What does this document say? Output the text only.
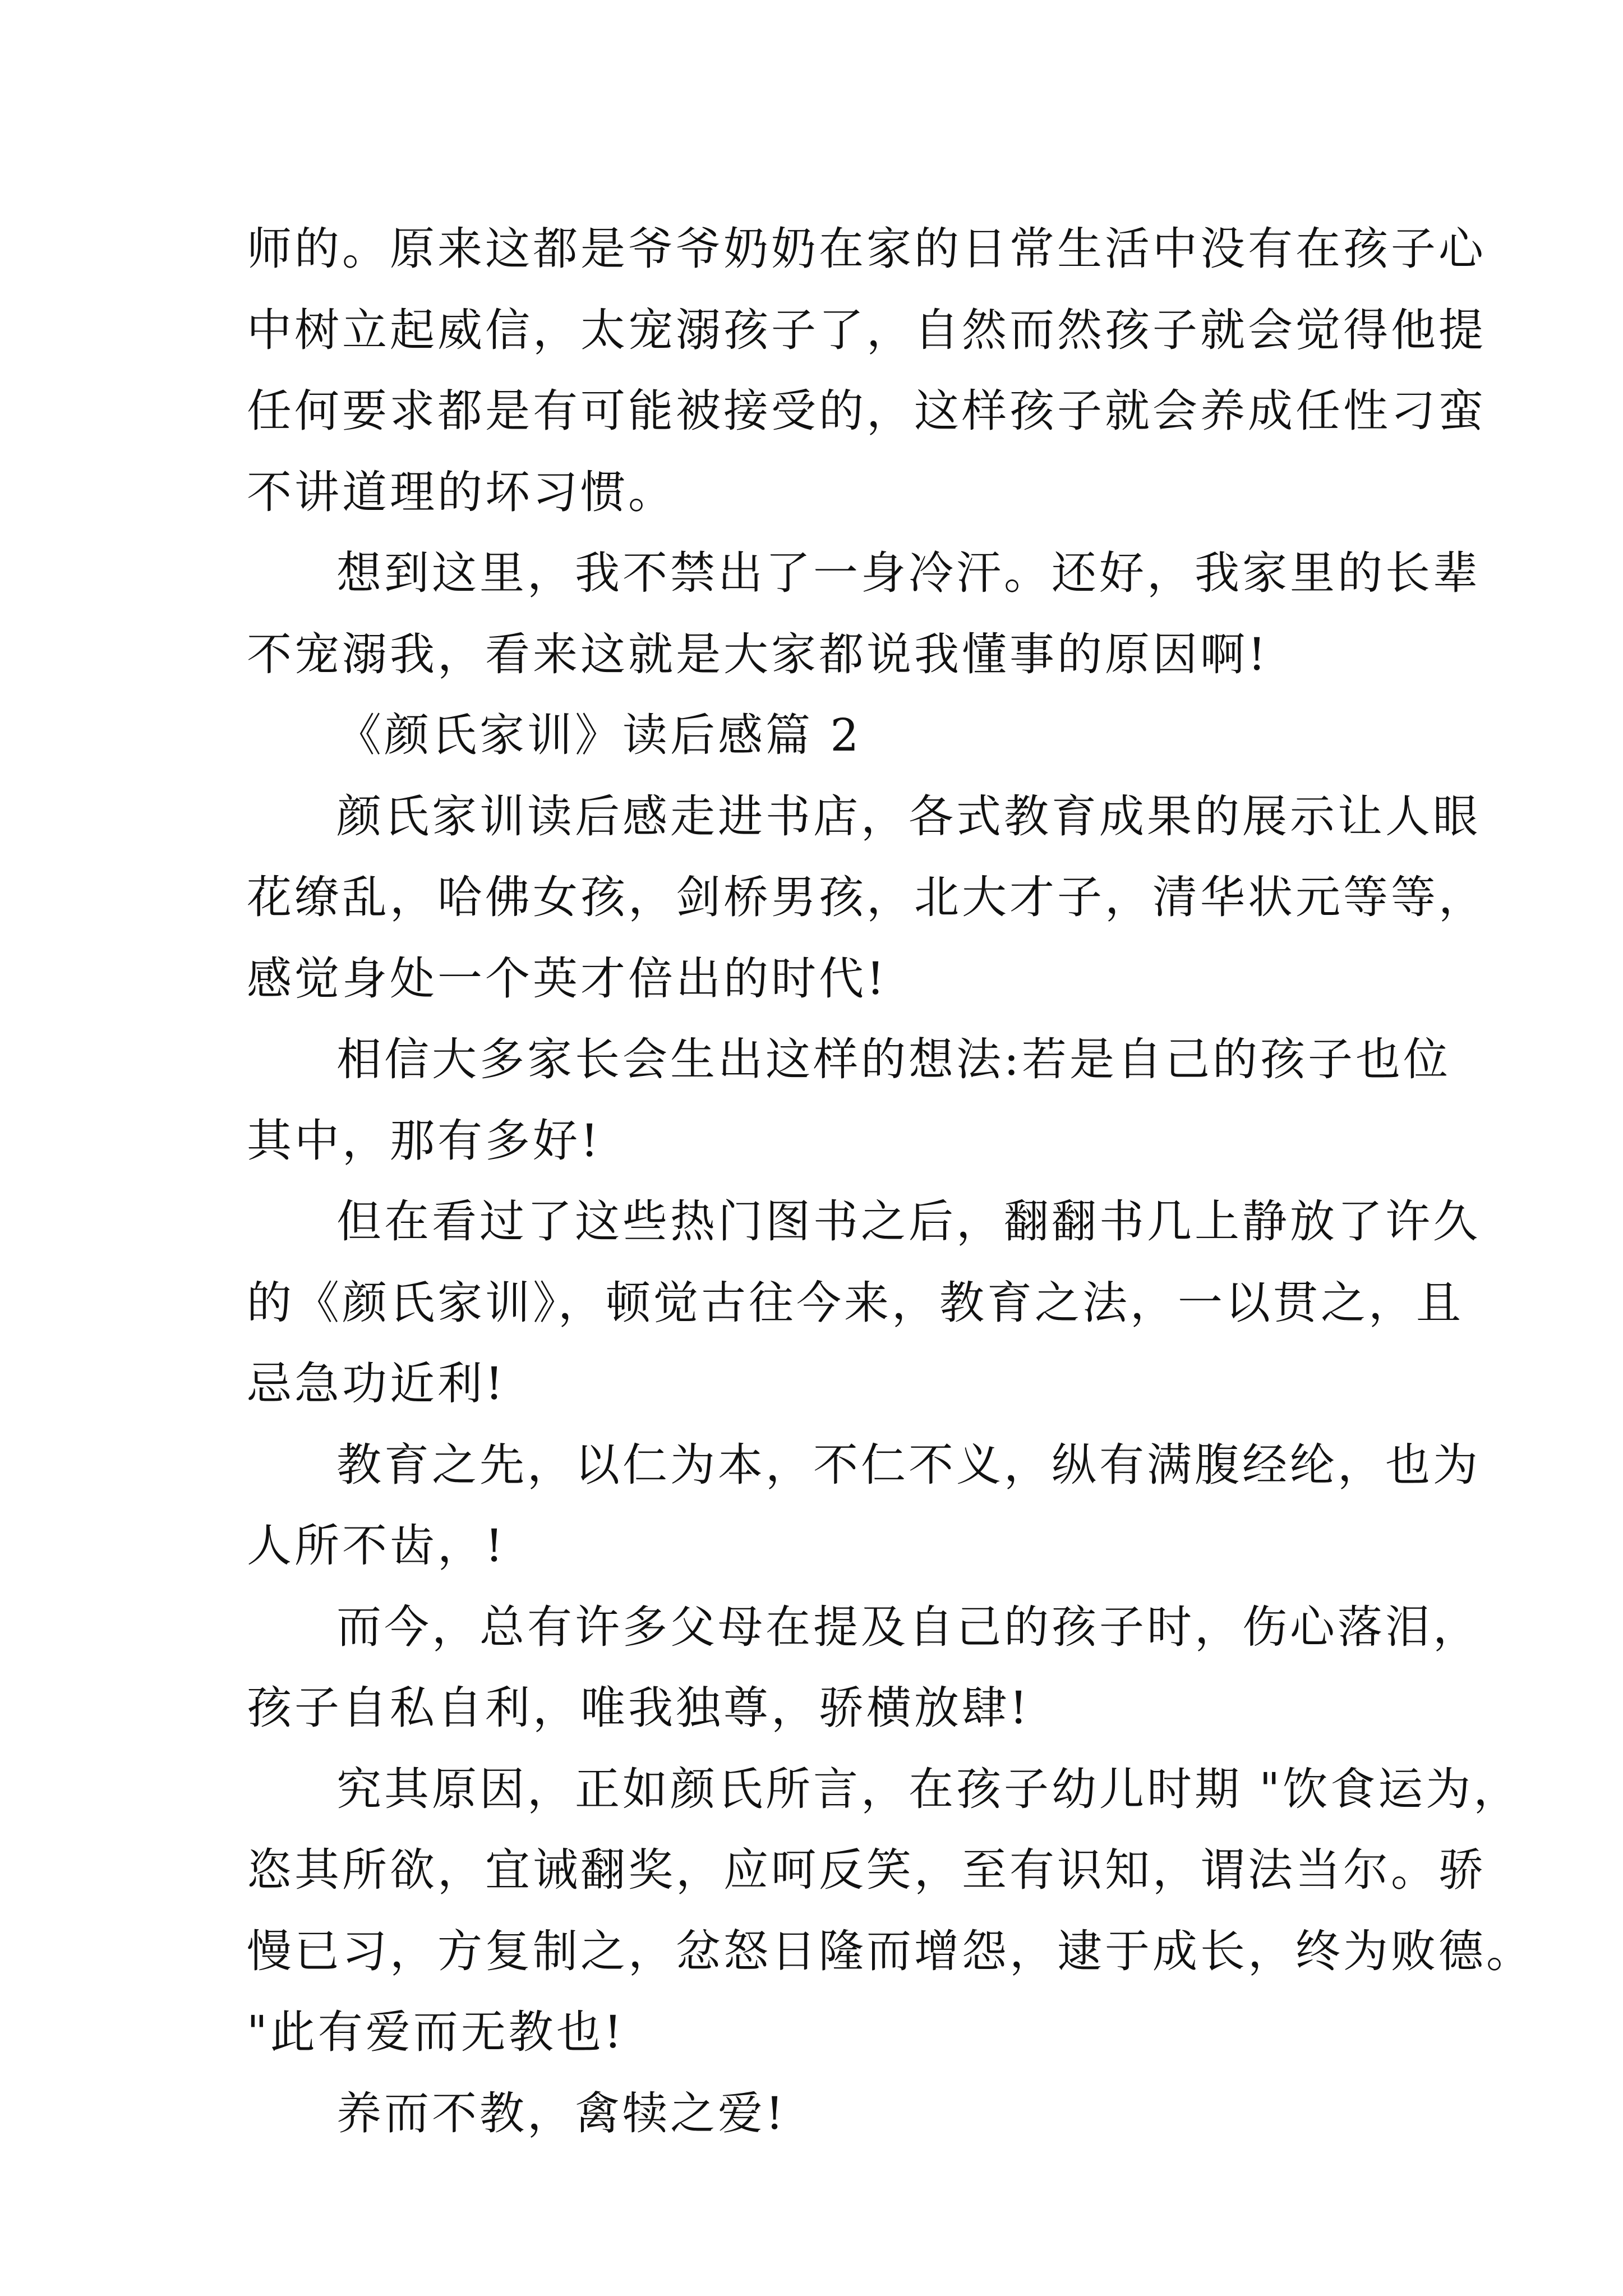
师的。原来这都是爷爷奶奶在家的日常生活中没有在孩子心
中树立起威信，太宠溺孩子了，自然而然孩子就会觉得他提
任何要求都是有可能被接受的，这样孩子就会养成任性刁蛮
不讲道理的坏习惯。
想到这里，我不禁出了一身冷汗。还好，我家里的长辈
不宠溺我，看来这就是大家都说我懂事的原因啊!
《颜氏家训》读后感篇 2
颜氏家训读后感走进书店，各式教育成果的展示让人眼
花缭乱，哈佛女孩，剑桥男孩，北大才子，清华状元等等，
感觉身处一个英才倍出的时代!
相信大多家长会生出这样的想法:若是自己的孩子也位
其中，那有多好!
但在看过了这些热门图书之后，翻翻书几上静放了许久
的《颜氏家训》，顿觉古往今来，教育之法，一以贯之，且
忌急功近利!
教育之先，以仁为本，不仁不义，纵有满腹经纶，也为
人所不齿，!
而今，总有许多父母在提及自己的孩子时，伤心落泪，
孩子自私自利，唯我独尊，骄横放肆!
究其原因，正如颜氏所言，在孩子幼儿时期 "饮食运为，
恣其所欲，宜诫翻奖，应呵反笑，至有识知，谓法当尔。骄
慢已习，方复制之，忿怒日隆而增怨，逮于成长，终为败德。
"此有爱而无教也!
养而不教，禽犊之爱!
